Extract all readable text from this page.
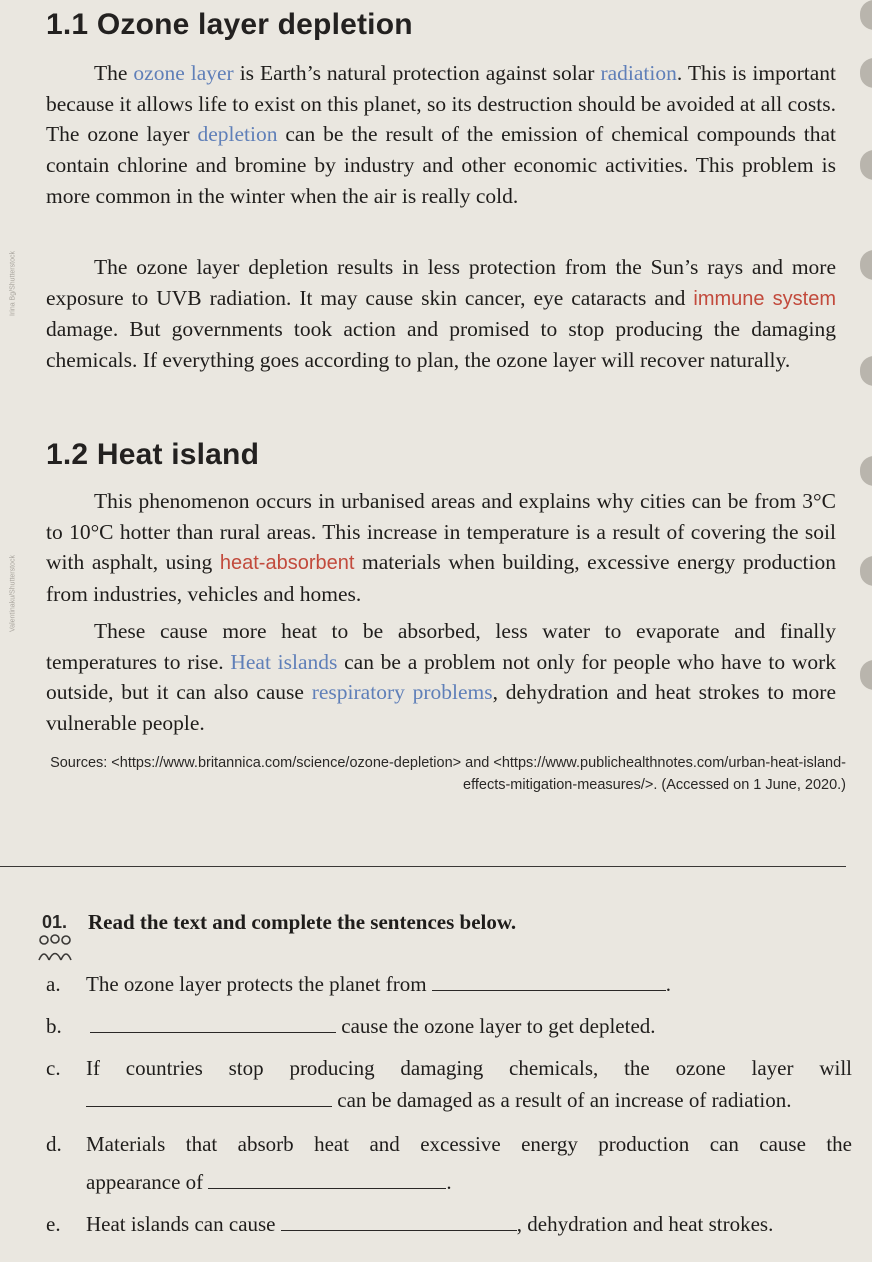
1.1 Ozone layer depletion

The ozone layer is Earth’s natural protection against solar radiation. This is important because it allows life to exist on this planet, so its destruction should be avoided at all costs. The ozone layer depletion can be the result of the emission of chemical compounds that contain chlorine and bromine by industry and other economic activities. This problem is more common in the winter when the air is really cold.

The ozone layer depletion results in less protection from the Sun’s rays and more exposure to UVB radiation. It may cause skin cancer, eye cataracts and immune system damage. But governments took action and promised to stop producing the damaging chemicals. If everything goes according to plan, the ozone layer will recover naturally.

Irina Bg/Shutterstock
1.2 Heat island

This phenomenon occurs in urbanised areas and explains why cities can be from 3°C to 10°C hotter than rural areas. This increase in temperature is a result of covering the soil with asphalt, using heat-absorbent materials when building, excessive energy production from industries, vehicles and homes.

These cause more heat to be absorbed, less water to evaporate and finally temperatures to rise. Heat islands can be a problem not only for people who have to work outside, but it can also cause respiratory problems, dehydration and heat strokes to more vulnerable people.

Valentinaku/Shutterstock

Sources: <https://www.britannica.com/science/ozone-depletion> and <https://www.publichealthnotes.com/urban-heat-island-
effects-mitigation-measures/>. (Accessed on 1 June, 2020.)

01. Read the text and complete the sentences below.

a. The ozone layer protects the planet from	.

b.	cause the ozone layer to get depleted.

c. If countries stop producing damaging chemicals, the ozone layer will

can be damaged as a result of an increase of radiation.

d. Materials that absorb heat and excessive energy production can cause the

appearance of	.

e. Heat islands can cause	, dehydration and heat strokes.
